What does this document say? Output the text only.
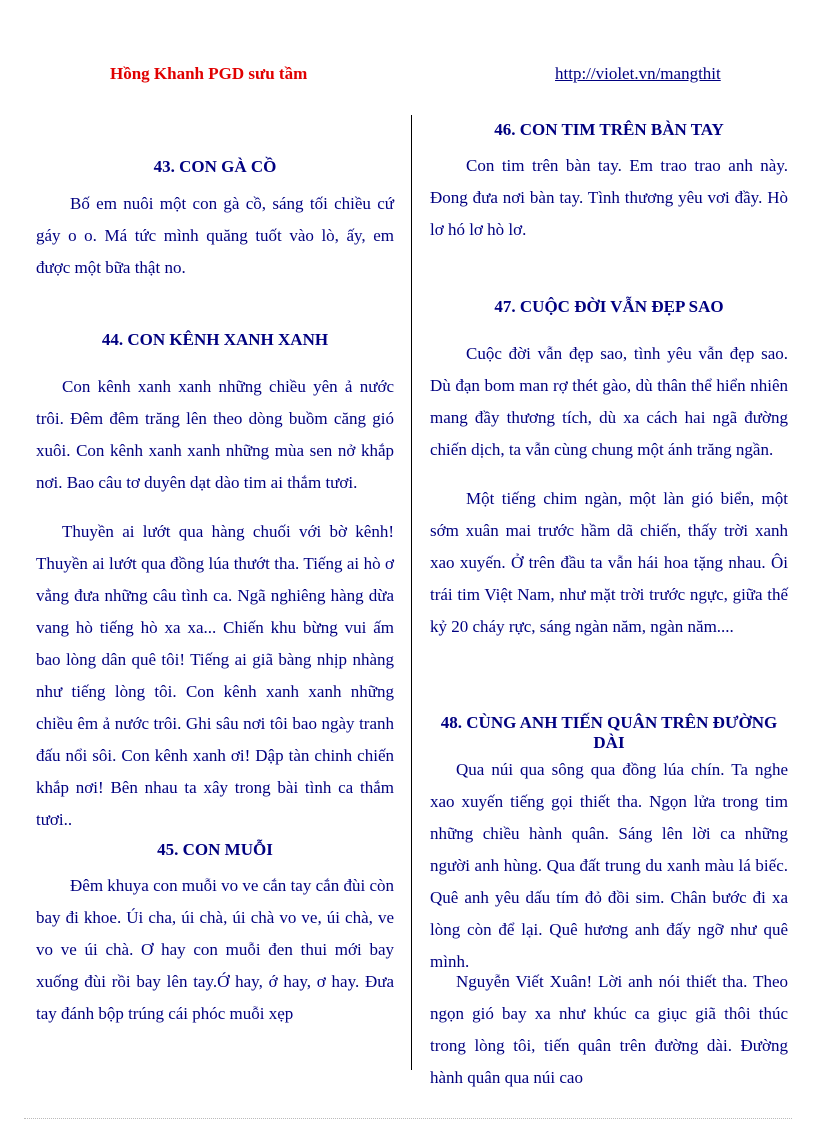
Hồng Khanh PGD sưu tầm	http://violet.vn/mangthit
43. CON GÀ CỒ

Bố em nuôi một con gà cồ, sáng tối chiều cứ gáy o o. Má tức mình quăng tuốt vào lò, ấy, em được một bữa thật no.

44. CON KÊNH XANH XANH

Con kênh xanh xanh những chiều yên ả nước trôi. Đêm đêm trăng lên theo dòng buồm căng gió xuôi. Con kênh xanh xanh những mùa sen nở khắp nơi. Bao câu tơ duyên dạt dào tim ai thắm tươi.

Thuyền ai lướt qua hàng chuối với bờ kênh! Thuyền ai lướt qua đồng lúa thướt tha. Tiếng ai hò ơ vẳng đưa những câu tình ca. Ngã nghiêng hàng dừa vang hò tiếng hò xa xa... Chiến khu bừng vui ấm bao lòng dân quê tôi! Tiếng ai giã bàng nhịp nhàng như tiếng lòng tôi. Con kênh xanh xanh những chiều êm ả nước trôi. Ghi sâu nơi tôi bao ngày tranh đấu nổi sôi. Con kênh xanh ơi! Dập tàn chinh chiến khắp nơi! Bên nhau ta xây trong bài tình ca thắm tươi..

45. CON MUỖI

Đêm khuya con muỗi vo ve cắn tay cắn đùi còn bay đi khoe. Úi cha, úi chà, úi chà vo ve, úi chà, ve vo ve úi chà. Ơ hay con muỗi đen thui mới bay xuống đùi rồi bay lên tay.Ớ hay, ớ hay, ơ hay. Đưa tay đánh bộp trúng cái phóc muỗi xẹp

46. CON TIM TRÊN BÀN TAY

Con tim trên bàn tay. Em trao trao anh này. Đong đưa nơi bàn tay. Tình thương yêu vơi đầy. Hò lơ hó lơ hò lơ.

47. CUỘC ĐỜI VẪN ĐẸP SAO

Cuộc đời vẫn đẹp sao, tình yêu vẫn đẹp sao. Dù đạn bom man rợ thét gào, dù thân thể hiển nhiên mang đầy thương tích, dù xa cách hai ngã đường chiến dịch, ta vẫn cùng chung một ánh trăng ngần.

Một tiếng chim ngàn, một làn gió biển, một sớm xuân mai trước hầm dã chiến, thấy trời xanh xao xuyến. Ở trên đầu ta vẫn hái hoa tặng nhau. Ôi trái tim Việt Nam, như mặt trời trước ngực, giữa thế kỷ 20 cháy rực, sáng ngàn năm, ngàn năm....

48. CÙNG ANH TIẾN QUÂN TRÊN ĐƯỜNG DÀI

Qua núi qua sông qua đồng lúa chín. Ta nghe xao xuyến tiếng gọi thiết tha. Ngọn lửa trong tim những chiều hành quân. Sáng lên lời ca những người anh hùng. Qua đất trung du xanh màu lá biếc. Quê anh yêu dấu tím đỏ đồi sim. Chân bước đi xa lòng còn để lại. Quê hương anh đấy ngỡ như quê mình.

Nguyễn Viết Xuân! Lời anh nói thiết tha. Theo ngọn gió bay xa như khúc ca giục giã thôi thúc trong lòng tôi, tiến quân trên đường dài. Đường hành quân qua núi cao
